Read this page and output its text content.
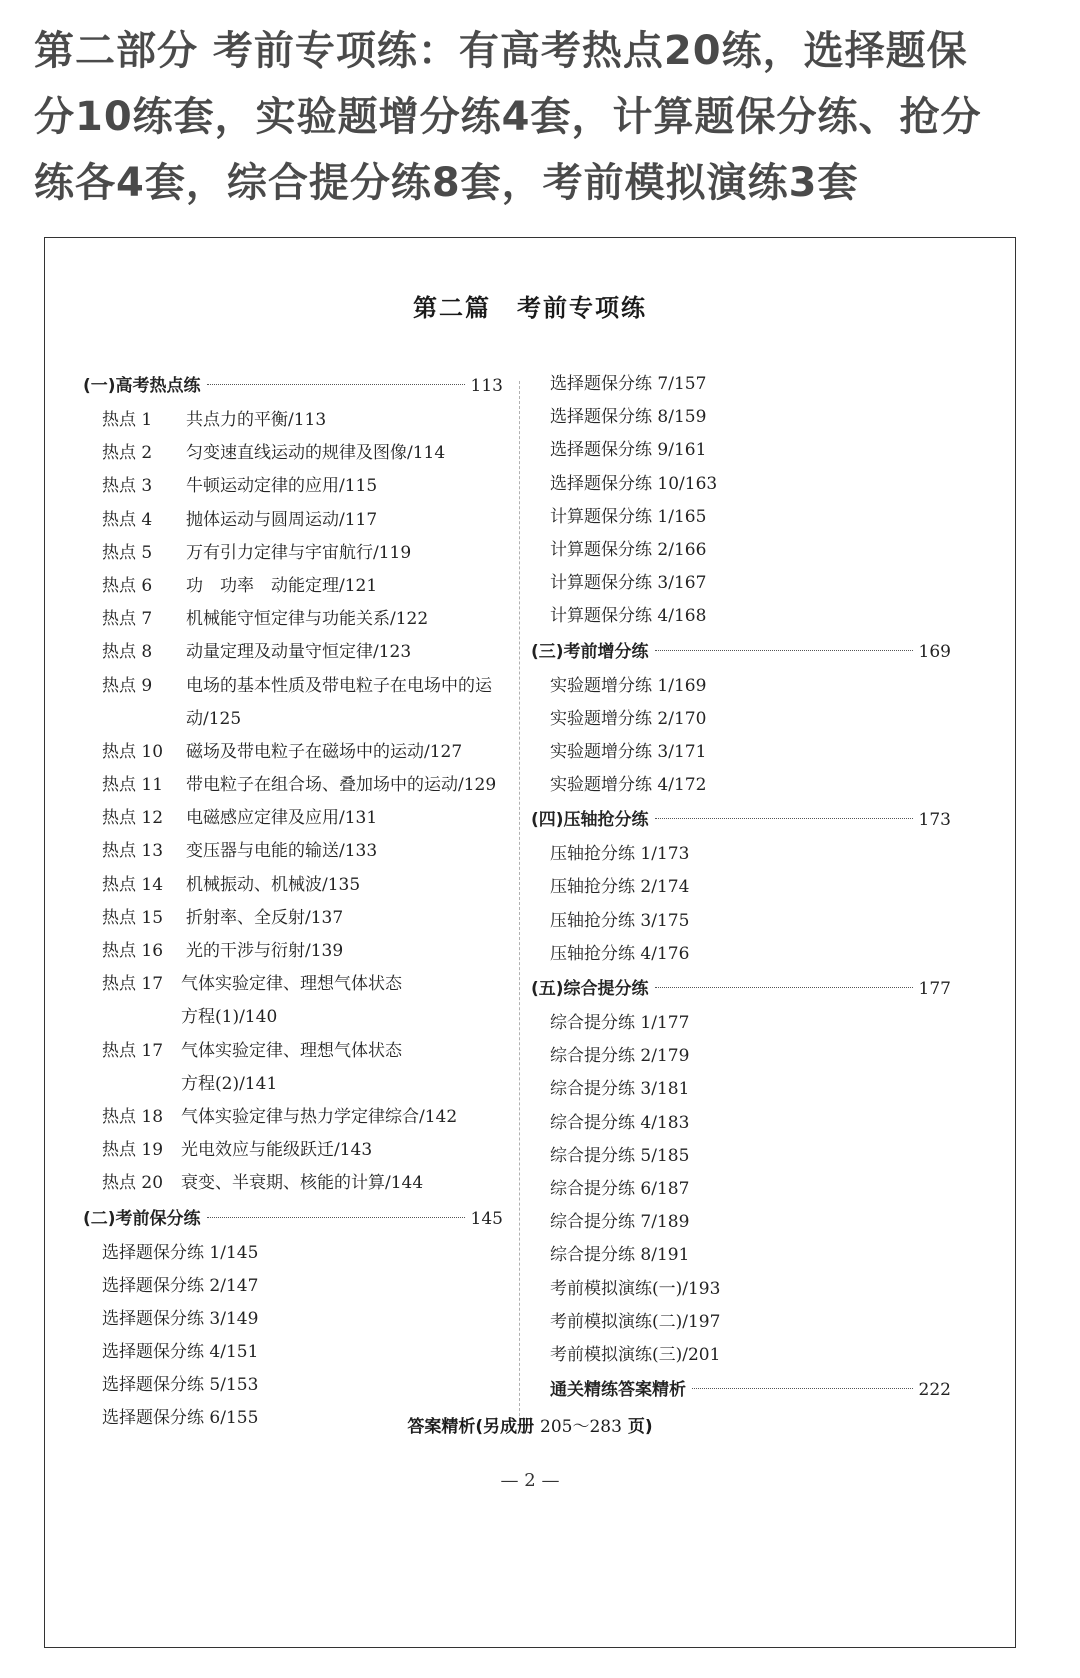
第二部分 考前专项练：有高考热点20练，选择题保
分10练套，实验题增分练4套，计算题保分练、抢分
练各4套，综合提分练8套，考前模拟演练3套
第二篇　考前专项练
(一)高考热点练	113
热点 1 共点力的平衡/113
热点 2 匀变速直线运动的规律及图像/114
热点 3 牛顿运动定律的应用/115
热点 4 抛体运动与圆周运动/117
热点 5 万有引力定律与宇宙航行/119
热点 6 功　功率　动能定理/121
热点 7 机械能守恒定律与功能关系/122
热点 8 动量定理及动量守恒定律/123
热点 9 电场的基本性质及带电粒子在电场中的运动/125
热点 10 磁场及带电粒子在磁场中的运动/127
热点 11 带电粒子在组合场、叠加场中的运动/129
热点 12 电磁感应定律及应用/131
热点 13 变压器与电能的输送/133
热点 14 机械振动、机械波/135
热点 15 折射率、全反射/137
热点 16 光的干涉与衍射/139
热点 17 气体实验定律、理想气体状态方程(1)/140
热点 17 气体实验定律、理想气体状态方程(2)/141
热点 18 气体实验定律与热力学定律综合/142
热点 19 光电效应与能级跃迁/143
热点 20 衰变、半衰期、核能的计算/144
(二)考前保分练	145
选择题保分练 1/145
选择题保分练 2/147
选择题保分练 3/149
选择题保分练 4/151
选择题保分练 5/153
选择题保分练 6/155
选择题保分练 7/157
选择题保分练 8/159
选择题保分练 9/161
选择题保分练 10/163
计算题保分练 1/165
计算题保分练 2/166
计算题保分练 3/167
计算题保分练 4/168
(三)考前增分练	169
实验题增分练 1/169
实验题增分练 2/170
实验题增分练 3/171
实验题增分练 4/172
(四)压轴抢分练	173
压轴抢分练 1/173
压轴抢分练 2/174
压轴抢分练 3/175
压轴抢分练 4/176
(五)综合提分练	177
综合提分练 1/177
综合提分练 2/179
综合提分练 3/181
综合提分练 4/183
综合提分练 5/185
综合提分练 6/187
综合提分练 7/189
综合提分练 8/191
考前模拟演练(一)/193
考前模拟演练(二)/197
考前模拟演练(三)/201
通关精练答案精析	222
答案精析(另成册 205～283 页)
— 2 —
